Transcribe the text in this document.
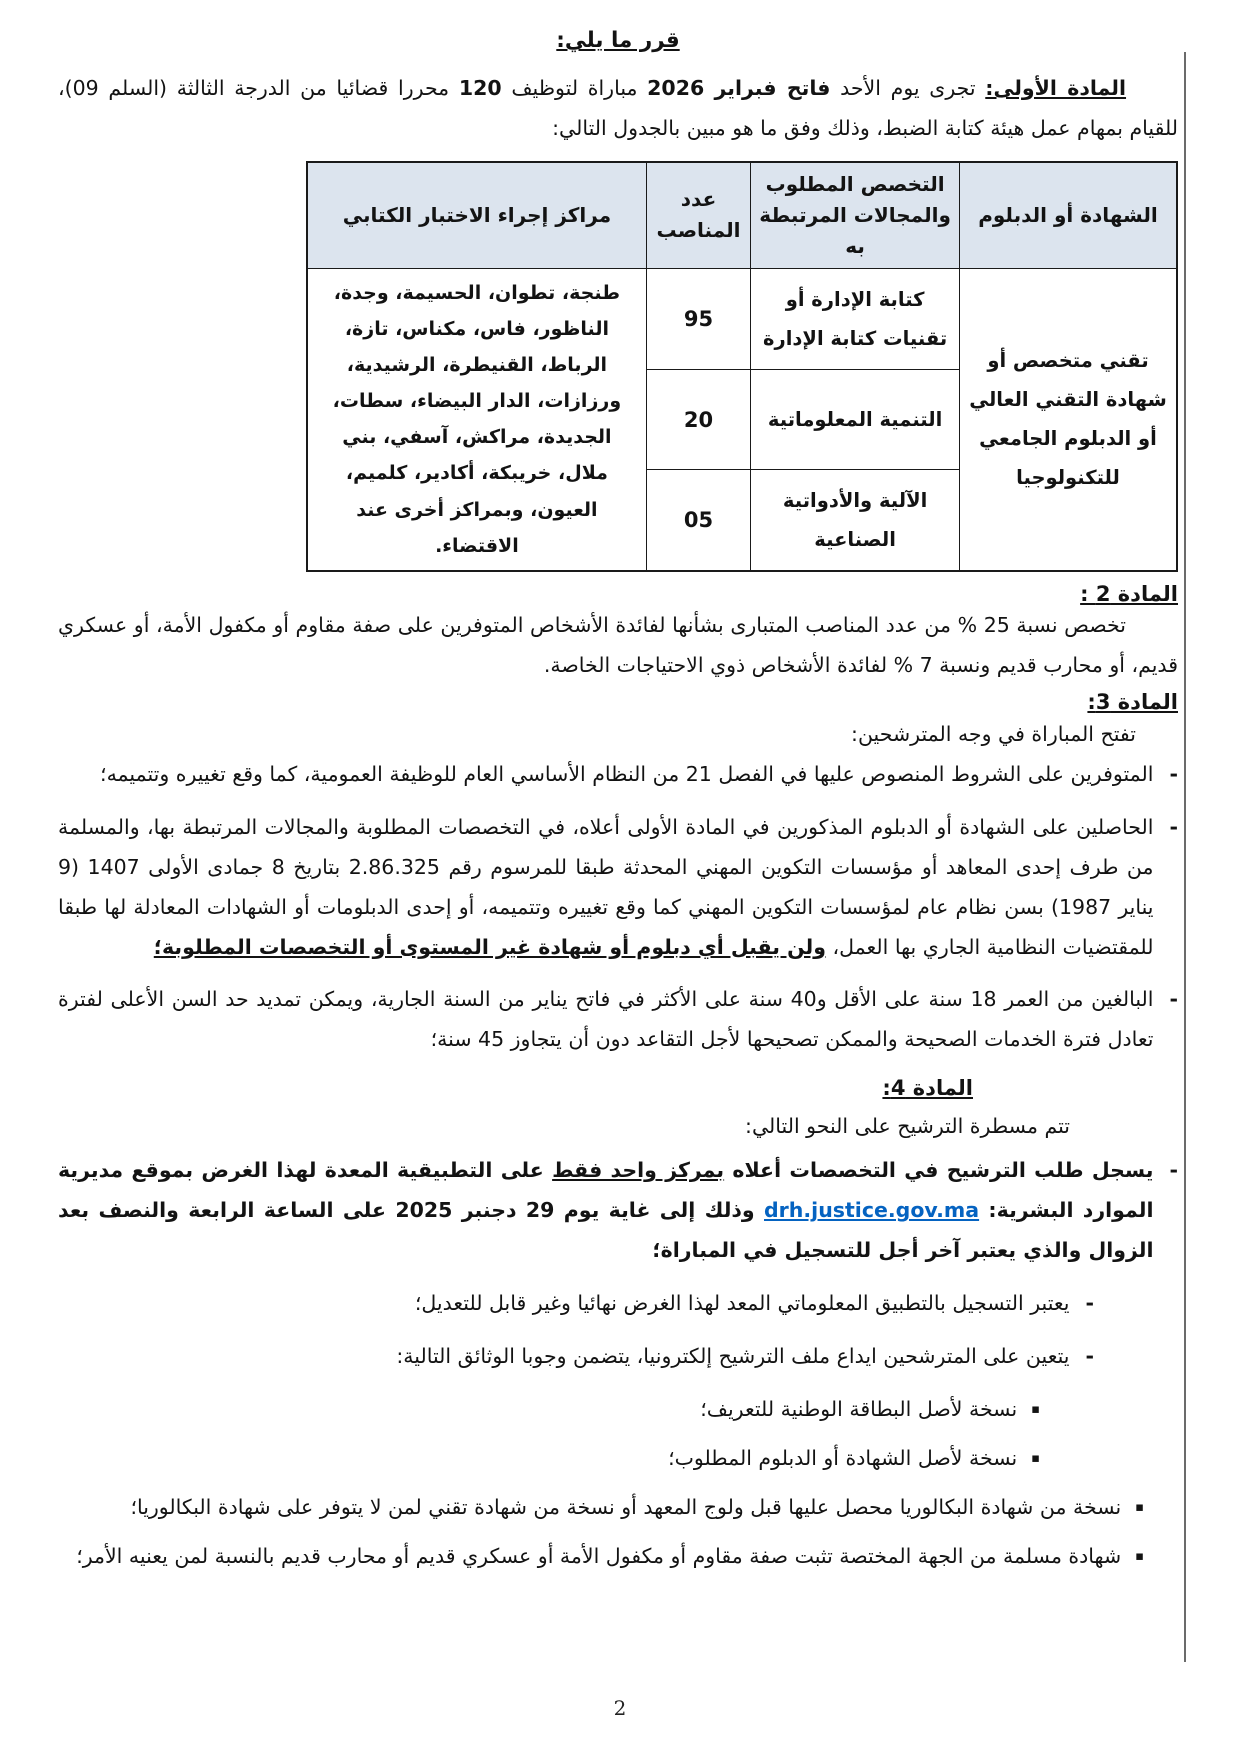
قرر ما يلي:

المادة الأولى: تجرى يوم الأحد فاتح فبراير 2026 مباراة لتوظيف 120 محررا قضائيا من الدرجة الثالثة (السلم 09)، للقيام بمهام عمل هيئة كتابة الضبط، وذلك وفق ما هو مبين بالجدول التالي:

الشهادة أو الدبلوم	التخصص المطلوب والمجالات المرتبطة به	عدد المناصب	مراكز إجراء الاختبار الكتابي
تقني متخصص أو شهادة التقني العالي أو الدبلوم الجامعي للتكنولوجيا	كتابة الإدارة أو تقنيات كتابة الإدارة	95	طنجة، تطوان، الحسيمة، وجدة، الناظور، فاس، مكناس، تازة، الرباط، القنيطرة، الرشيدية، ورزازات، الدار البيضاء، سطات، الجديدة، مراكش، آسفي، بني ملال، خريبكة، أكادير، كلميم، العيون، وبمراكز أخرى عند الاقتضاء.
	التنمية المعلوماتية	20	
	الآلية والأدواتية الصناعية	05	
المادة 2 :

تخصص نسبة 25 % من عدد المناصب المتبارى بشأنها لفائدة الأشخاص المتوفرين على صفة مقاوم أو مكفول الأمة، أو عسكري قديم، أو محارب قديم ونسبة 7 % لفائدة الأشخاص ذوي الاحتياجات الخاصة.

المادة 3:

تفتح المباراة في وجه المترشحين:

-
المتوفرين على الشروط المنصوص عليها في الفصل 21 من النظام الأساسي العام للوظيفة العمومية، كما وقع تغييره وتتميمه؛
-
الحاصلين على الشهادة أو الدبلوم المذكورين في المادة الأولى أعلاه، في التخصصات المطلوبة والمجالات المرتبطة بها، والمسلمة من طرف إحدى المعاهد أو مؤسسات التكوين المهني المحدثة طبقا للمرسوم رقم 2.86.325 بتاريخ 8 جمادى الأولى 1407 (9 يناير 1987) بسن نظام عام لمؤسسات التكوين المهني كما وقع تغييره وتتميمه، أو إحدى الدبلومات أو الشهادات المعادلة لها طبقا للمقتضيات النظامية الجاري بها العمل، ولن يقبل أي دبلوم أو شهادة غير المستوى أو التخصصات المطلوبة؛
-
البالغين من العمر 18 سنة على الأقل و40 سنة على الأكثر في فاتح يناير من السنة الجارية، ويمكن تمديد حد السن الأعلى لفترة تعادل فترة الخدمات الصحيحة والممكن تصحيحها لأجل التقاعد دون أن يتجاوز 45 سنة؛
المادة 4:

تتم مسطرة الترشيح على النحو التالي:

-
يسجل طلب الترشيح في التخصصات أعلاه بمركز واحد فقط على التطبيقية المعدة لهذا الغرض بموقع مديرية الموارد البشرية: drh.justice.gov.ma وذلك إلى غاية يوم 29 دجنبر 2025 على الساعة الرابعة والنصف بعد الزوال والذي يعتبر آخر أجل للتسجيل في المباراة؛
-
يعتبر التسجيل بالتطبيق المعلوماتي المعد لهذا الغرض نهائيا وغير قابل للتعديل؛
-
يتعين على المترشحين ايداع ملف الترشيح إلكترونيا، يتضمن وجوبا الوثائق التالية:
▪
نسخة لأصل البطاقة الوطنية للتعريف؛
▪
نسخة لأصل الشهادة أو الدبلوم المطلوب؛
▪
نسخة من شهادة البكالوريا محصل عليها قبل ولوج المعهد أو نسخة من شهادة تقني لمن لا يتوفر على شهادة البكالوريا؛
▪
شهادة مسلمة من الجهة المختصة تثبت صفة مقاوم أو مكفول الأمة أو عسكري قديم أو محارب قديم بالنسبة لمن يعنيه الأمر؛
2
